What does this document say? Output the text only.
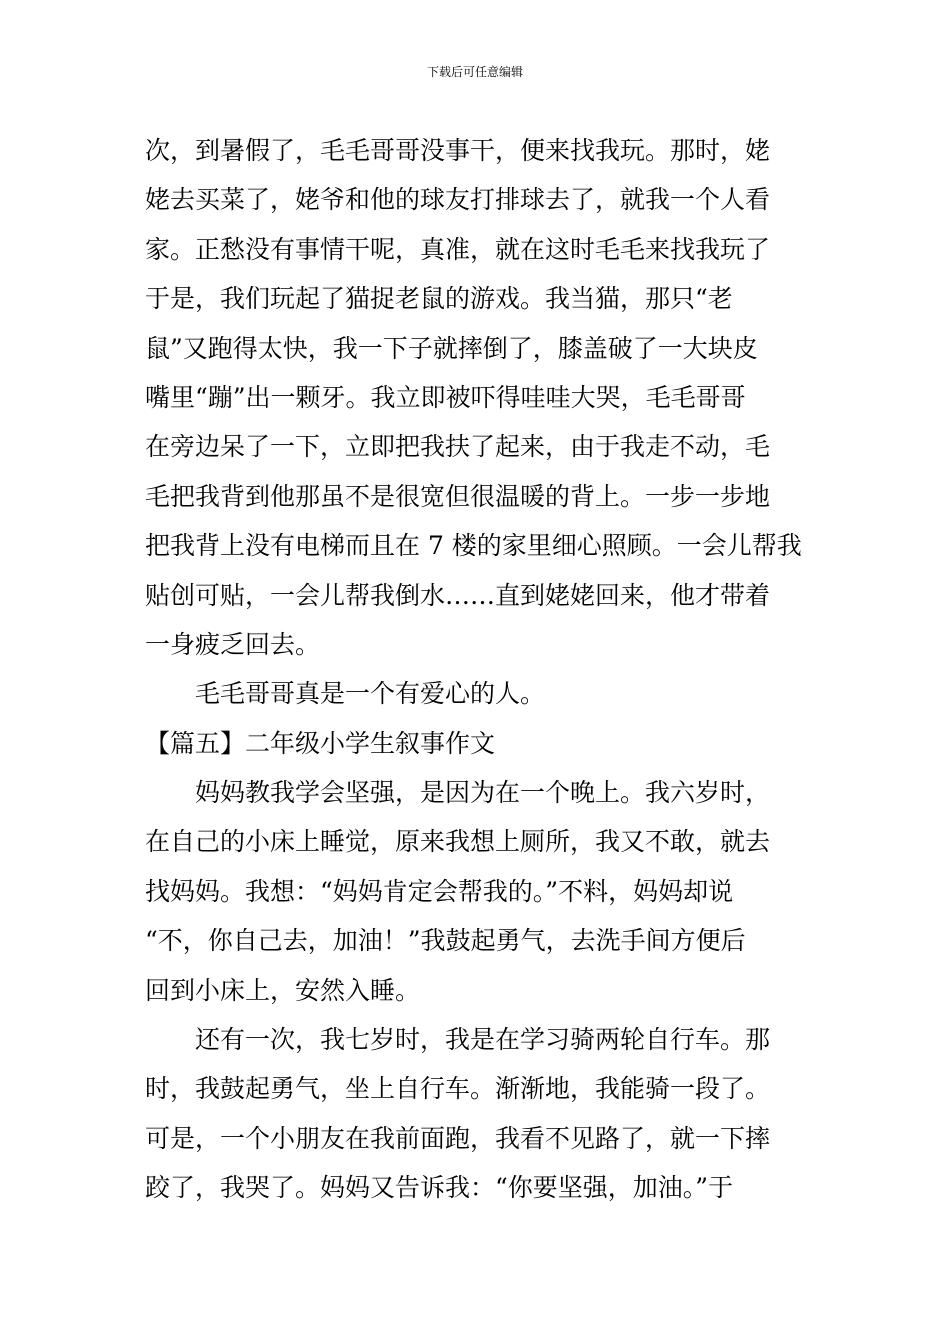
下载后可任意编辑
次，到暑假了，毛毛哥哥没事干，便来找我玩。那时，姥
姥去买菜了，姥爷和他的球友打排球去了，就我一个人看
家。正愁没有事情干呢，真准，就在这时毛毛来找我玩了
于是，我们玩起了猫捉老鼠的游戏。我当猫，那只“老
鼠”又跑得太快，我一下子就摔倒了，膝盖破了一大块皮
嘴里“蹦”出一颗牙。我立即被吓得哇哇大哭，毛毛哥哥
在旁边呆了一下，立即把我扶了起来，由于我走不动，毛
毛把我背到他那虽不是很宽但很温暖的背上。一步一步地
把我背上没有电梯而且在 7 楼的家里细心照顾。一会儿帮我
贴创可贴，一会儿帮我倒水……直到姥姥回来，他才带着
一身疲乏回去。
毛毛哥哥真是一个有爱心的人。
【篇五】二年级小学生叙事作文
妈妈教我学会坚强，是因为在一个晚上。我六岁时，
在自己的小床上睡觉，原来我想上厕所，我又不敢，就去
找妈妈。我想：“妈妈肯定会帮我的。”不料，妈妈却说
“不，你自己去，加油！”我鼓起勇气，去洗手间方便后
回到小床上，安然入睡。
还有一次，我七岁时，我是在学习骑两轮自行车。那
时，我鼓起勇气，坐上自行车。渐渐地，我能骑一段了。
可是，一个小朋友在我前面跑，我看不见路了，就一下摔
跤了，我哭了。妈妈又告诉我：“你要坚强，加油。”于
